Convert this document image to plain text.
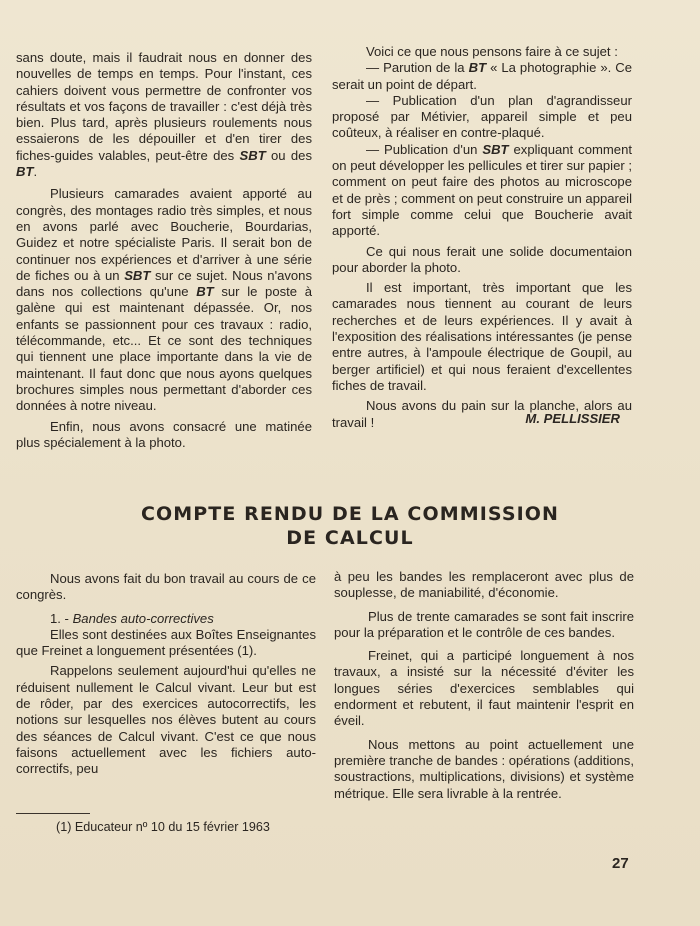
sans doute, mais il faudrait nous en donner des nouvelles de temps en temps. Pour l'instant, ces cahiers doivent vous permettre de confronter vos résultats et vos façons de travailler : c'est déjà très bien. Plus tard, après plusieurs roulements nous essaierons de les dépouiller et d'en tirer des fiches-guides valables, peut-être des SBT ou des BT.

Plusieurs camarades avaient apporté au congrès, des montages radio très simples, et nous en avons parlé avec Boucherie, Bourdarias, Guidez et notre spécialiste Paris. Il serait bon de continuer nos expériences et d'arriver à une série de fiches ou à un SBT sur ce sujet. Nous n'avons dans nos collections qu'une BT sur le poste à galène qui est maintenant dépassée. Or, nos enfants se passionnent pour ces travaux : radio, télécommande, etc... Et ce sont des techniques qui tiennent une place importante dans la vie de maintenant. Il faut donc que nous ayons quelques brochures simples nous permettant d'aborder ces données à notre niveau.

Enfin, nous avons consacré une matinée plus spécialement à la photo.

Voici ce que nous pensons faire à ce sujet :

— Parution de la BT « La photographie ». Ce serait un point de départ.

— Publication d'un plan d'agrandisseur proposé par Métivier, appareil simple et peu coûteux, à réaliser en contre-plaqué.

— Publication d'un SBT expliquant comment on peut développer les pellicules et tirer sur papier ; comment on peut faire des photos au microscope et de près ; comment on peut construire un appareil fort simple comme celui que Boucherie avait apporté.

Ce qui nous ferait une solide documentaion pour aborder la photo.

Il est important, très important que les camarades nous tiennent au courant de leurs recherches et de leurs expériences. Il y avait à l'exposition des réalisations intéressantes (je pense entre autres, à l'ampoule électrique de Goupil, au berger artificiel) et qui nous feraient d'excellentes fiches de travail.

Nous avons du pain sur la planche, alors au travail !	M. PELLISSIER
COMPTE RENDU DE LA COMMISSION
DE CALCUL

Nous avons fait du bon travail au cours de ce congrès.

1. - Bandes auto-correctives

Elles sont destinées aux Boîtes Enseignantes que Freinet a longuement présentées (1).

Rappelons seulement aujourd'hui qu'elles ne réduisent nullement le Calcul vivant. Leur but est de rôder, par des exercices autocorrectifs, les notions sur lesquelles nos élèves butent au cours des séances de Calcul vivant. C'est ce que nous faisons actuellement avec les fichiers auto-correctifs, peu

à peu les bandes les remplaceront avec plus de souplesse, de maniabilité, d'économie.

Plus de trente camarades se sont fait inscrire pour la préparation et le contrôle de ces bandes.

Freinet, qui a participé longuement à nos travaux, a insisté sur la nécessité d'éviter les longues séries d'exercices semblables qui endorment et rebutent, il faut maintenir l'esprit en éveil.

Nous mettons au point actuellement une première tranche de bandes : opérations (additions, soustractions, multiplications, divisions) et système métrique. Elle sera livrable à la rentrée.

(1) Educateur nº 10 du 15 février 1963
27
